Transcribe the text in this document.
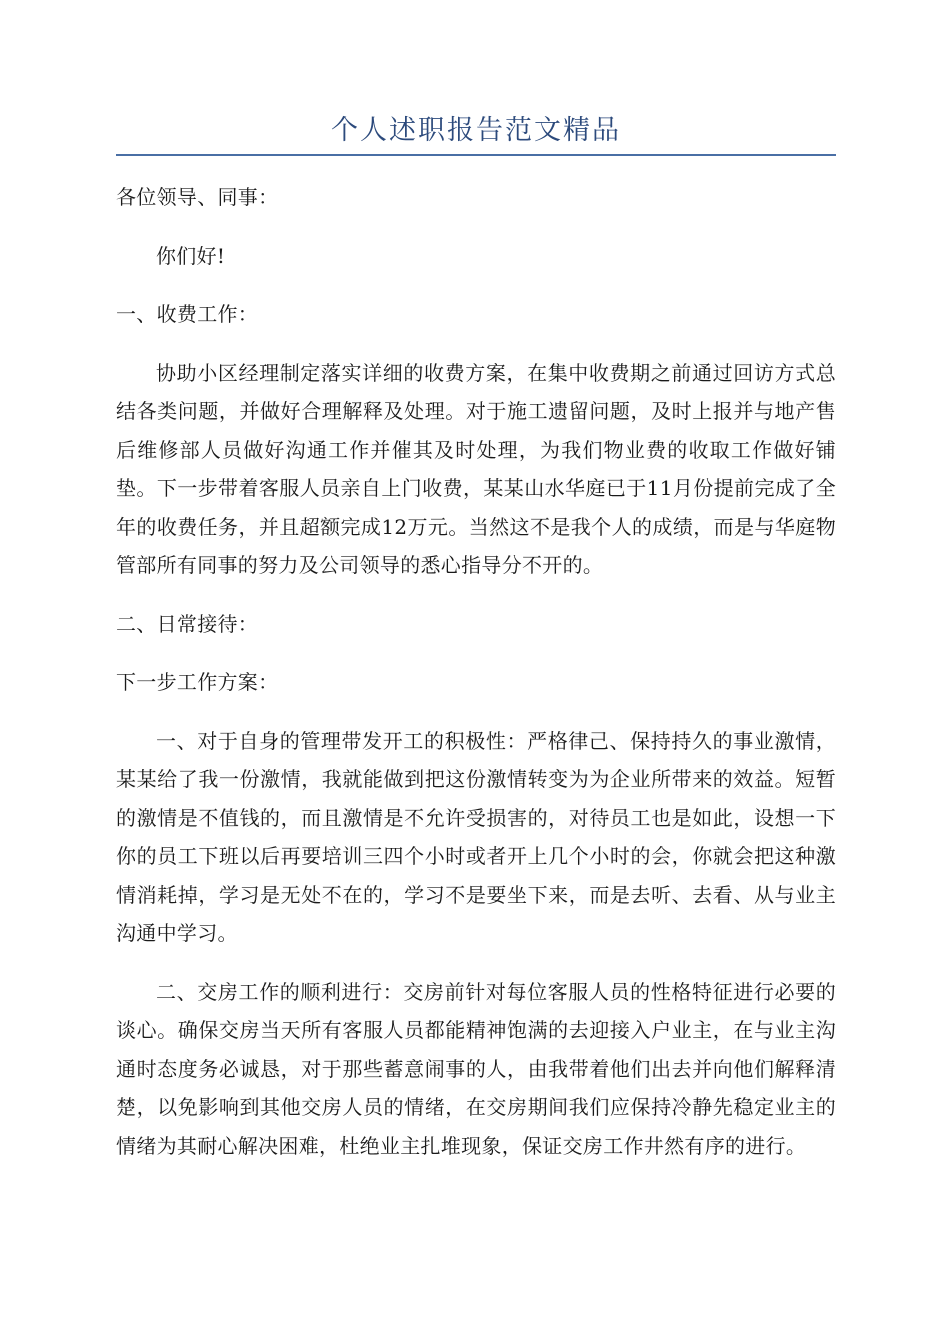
个人述职报告范文精品

各位领导、同事：

你们好!

一、收费工作：

协助小区经理制定落实详细的收费方案，在集中收费期之前通过回访方式总结各类问题，并做好合理解释及处理。对于施工遗留问题，及时上报并与地产售后维修部人员做好沟通工作并催其及时处理，为我们物业费的收取工作做好铺垫。下一步带着客服人员亲自上门收费，某某山水华庭已于11月份提前完成了全年的收费任务，并且超额完成12万元。当然这不是我个人的成绩，而是与华庭物管部所有同事的努力及公司领导的悉心指导分不开的。

二、日常接待：

下一步工作方案：

一、对于自身的管理带发开工的积极性：严格律己、保持持久的事业激情，某某给了我一份激情，我就能做到把这份激情转变为为企业所带来的效益。短暂的激情是不值钱的，而且激情是不允许受损害的，对待员工也是如此，设想一下你的员工下班以后再要培训三四个小时或者开上几个小时的会，你就会把这种激情消耗掉，学习是无处不在的，学习不是要坐下来，而是去听、去看、从与业主沟通中学习。

二、交房工作的顺利进行：交房前针对每位客服人员的性格特征进行必要的谈心。确保交房当天所有客服人员都能精神饱满的去迎接入户业主，在与业主沟通时态度务必诚恳，对于那些蓄意闹事的人，由我带着他们出去并向他们解释清楚，以免影响到其他交房人员的情绪，在交房期间我们应保持冷静先稳定业主的情绪为其耐心解决困难，杜绝业主扎堆现象，保证交房工作井然有序的进行。
